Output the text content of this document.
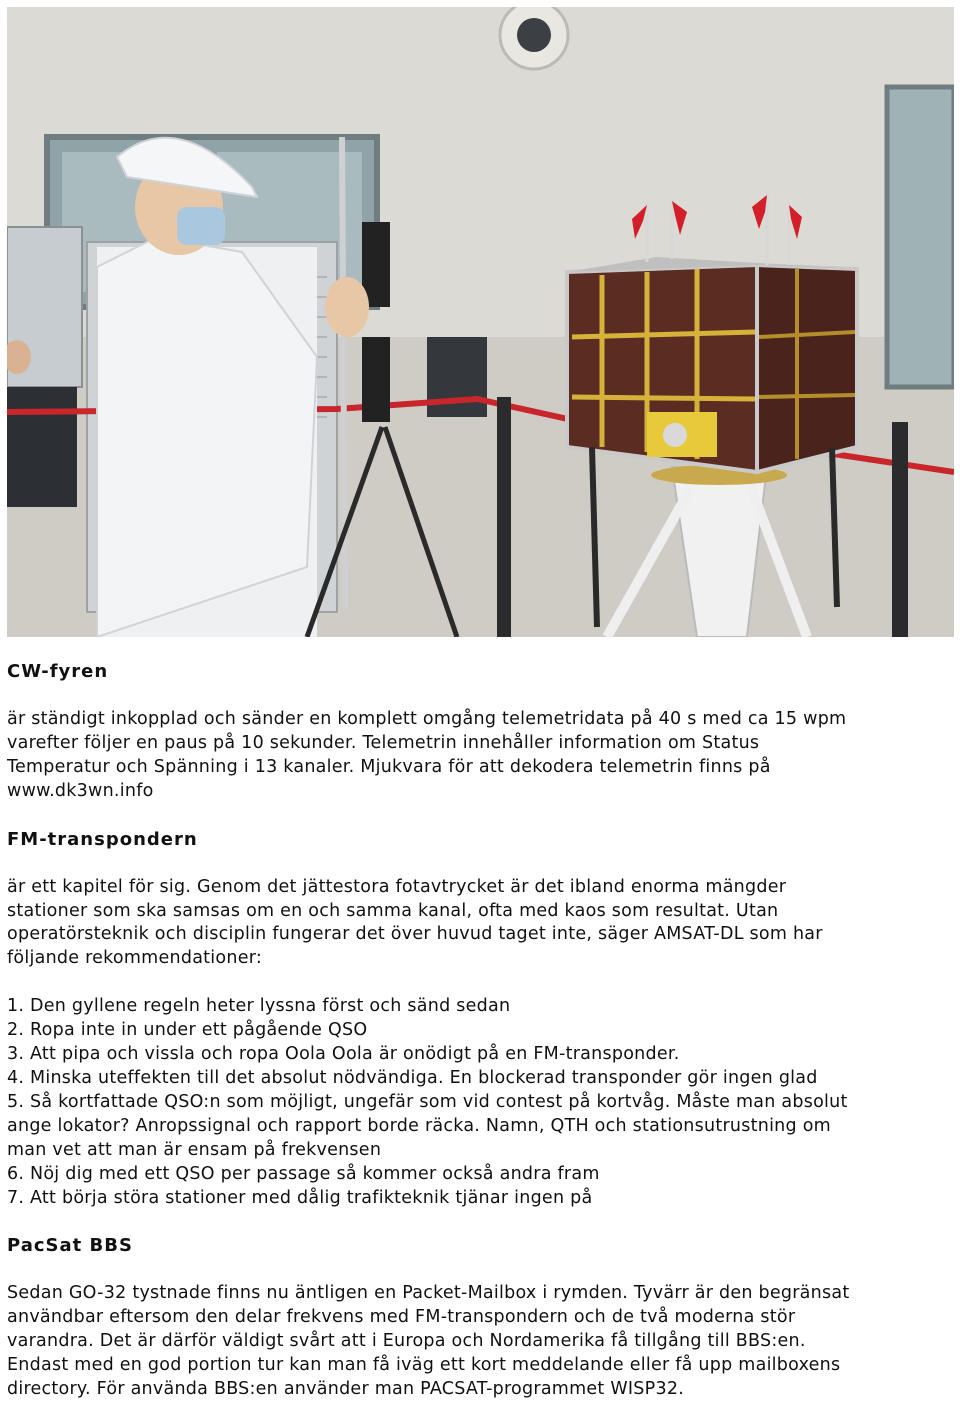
CW-fyren

är ständigt inkopplad och sänder en komplett omgång telemetridata på 40 s med ca 15 wpm

varefter följer en paus på 10 sekunder. Telemetrin innehåller information om Status

Temperatur och Spänning i 13 kanaler. Mjukvara för att dekodera telemetrin finns på

www.dk3wn.info

FM-transpondern

är ett kapitel för sig. Genom det jättestora fotavtrycket är det ibland enorma mängder

stationer som ska samsas om en och samma kanal, ofta med kaos som resultat. Utan

operatörsteknik och disciplin fungerar det över huvud taget inte, säger AMSAT-DL som har

följande rekommendationer:

1. Den gyllene regeln heter lyssna först och sänd sedan
2. Ropa inte in under ett pågående QSO
3. Att pipa och vissla och ropa Oola Oola är onödigt på en FM-transponder.
4. Minska uteffekten till det absolut nödvändiga. En blockerad transponder gör ingen glad
5. Så kortfattade QSO:n som möjligt, ungefär som vid contest på kortvåg. Måste man absolut
ange lokator? Anropssignal och rapport borde räcka. Namn, QTH och stationsutrustning om
man vet att man är ensam på frekvensen
6. Nöj dig med ett QSO per passage så kommer också andra fram
7. Att börja störa stationer med dålig trafikteknik tjänar ingen på
PacSat BBS

Sedan GO-32 tystnade finns nu äntligen en Packet-Mailbox i rymden. Tyvärr är den begränsat

användbar eftersom den delar frekvens med FM-transpondern och de två moderna stör

varandra. Det är därför väldigt svårt att i Europa och Nordamerika få tillgång till BBS:en.

Endast med en god portion tur kan man få iväg ett kort meddelande eller få upp mailboxens

directory. För använda BBS:en använder man PACSAT-programmet WISP32.
